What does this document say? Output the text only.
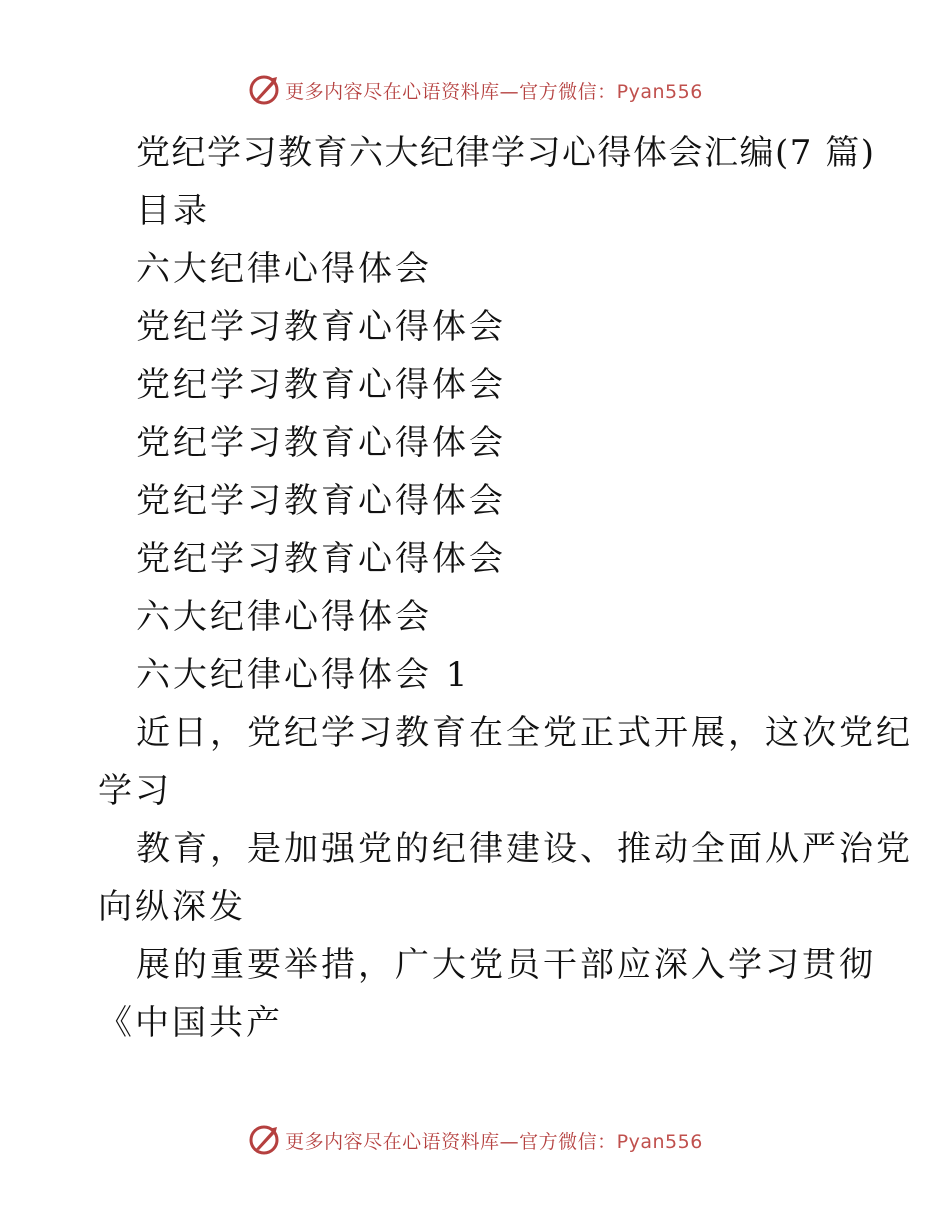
更多内容尽在心语资料库—官方微信：Pyan556
党纪学习教育六大纪律学习心得体会汇编(7 篇)
目录
六大纪律心得体会
党纪学习教育心得体会
党纪学习教育心得体会
党纪学习教育心得体会
党纪学习教育心得体会
党纪学习教育心得体会
六大纪律心得体会
六大纪律心得体会 1
近日，党纪学习教育在全党正式开展，这次党纪
学习
教育，是加强党的纪律建设、推动全面从严治党
向纵深发
展的重要举措，广大党员干部应深入学习贯彻
《中国共产
更多内容尽在心语资料库—官方微信：Pyan556
